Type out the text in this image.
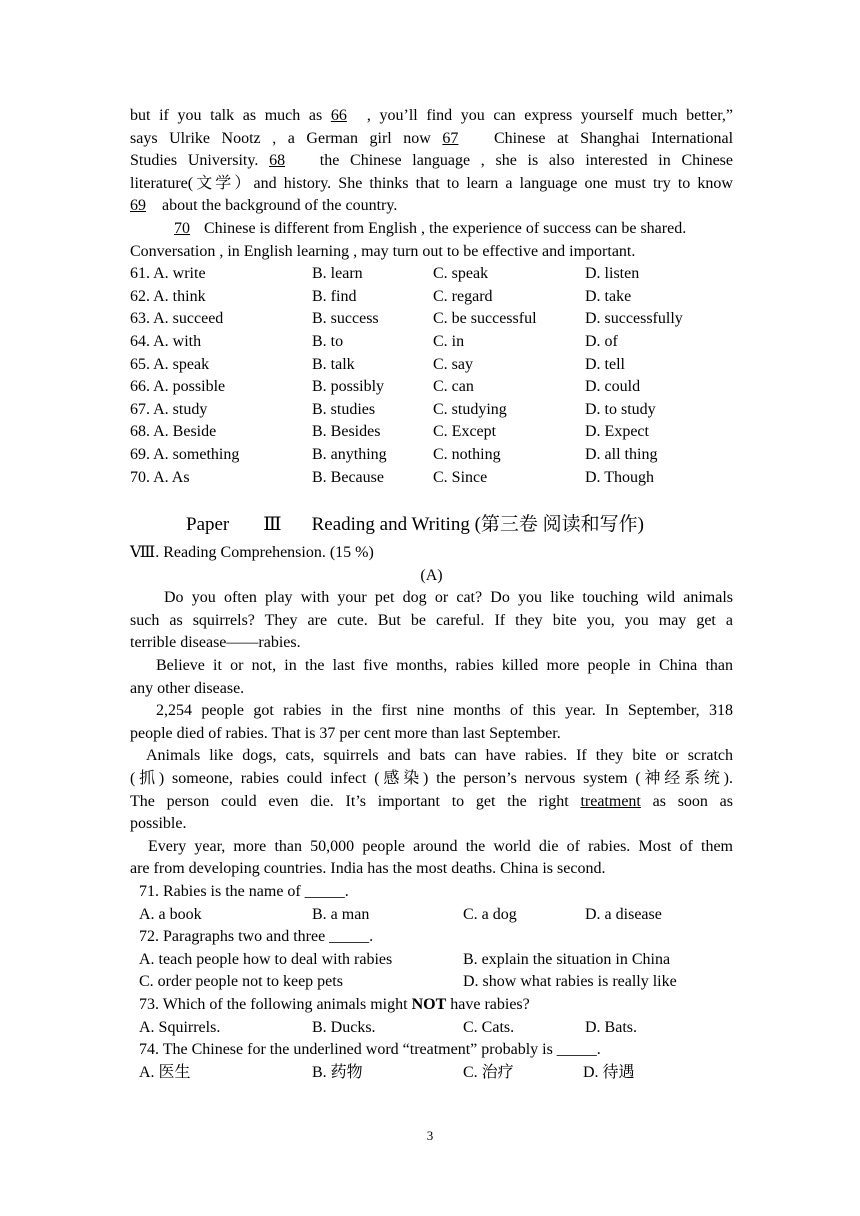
but if you talk as much as 66 , you’ll find you can express yourself much better,”
says Ulrike Nootz , a German girl now 67 Chinese at Shanghai International
Studies University. 68 the Chinese language , she is also interested in Chinese
literature(文学）and history. She thinks that to learn a language one must try to know
69 about the background of the country.
70 Chinese is different from English , the experience of success can be shared.
Conversation , in English learning , may turn out to be effective and important.
61. A. write	B. learn	C. speak	D. listen
62. A. think	B. find	C. regard	D. take
63. A. succeed	B. success	C. be successful	D. successfully
64. A. with	B. to	C. in	D. of
65. A. speak	B. talk	C. say	D. tell
66. A. possible	B. possibly	C. can	D. could
67. A. study	B. studies	C. studying	D. to study
68. A. Beside	B. Besides	C. Except	D. Expect
69. A. something	B. anything	C. nothing	D. all thing
70. A. As	B. Because	C. Since	D. Though
Paper Ⅲ Reading and Writing (第三卷 阅读和写作)
Ⅷ. Reading Comprehension. (15 %)
(A)
Do you often play with your pet dog or cat? Do you like touching wild animals
such as squirrels? They are cute. But be careful. If they bite you, you may get a
terrible disease——rabies.
Believe it or not, in the last five months, rabies killed more people in China than
any other disease.
2,254 people got rabies in the first nine months of this year. In September, 318
people died of rabies. That is 37 per cent more than last September.
Animals like dogs, cats, squirrels and bats can have rabies. If they bite or scratch
(抓) someone, rabies could infect (感染) the person’s nervous system (神经系统).
The person could even die. It’s important to get the right treatment as soon as
possible.
Every year, more than 50,000 people around the world die of rabies. Most of them
are from developing countries. India has the most deaths. China is second.
71. Rabies is the name of _____.
A. a book	B. a man	C. a dog	D. a disease
72. Paragraphs two and three _____.
A. teach people how to deal with rabies	B. explain the situation in China
C. order people not to keep pets	D. show what rabies is really like
73. Which of the following animals might NOT have rabies?
A. Squirrels.	B. Ducks.	C. Cats.	D. Bats.
74. The Chinese for the underlined word “treatment” probably is _____.
A. 医生	B. 药物	C. 治疗	D. 待遇
3
